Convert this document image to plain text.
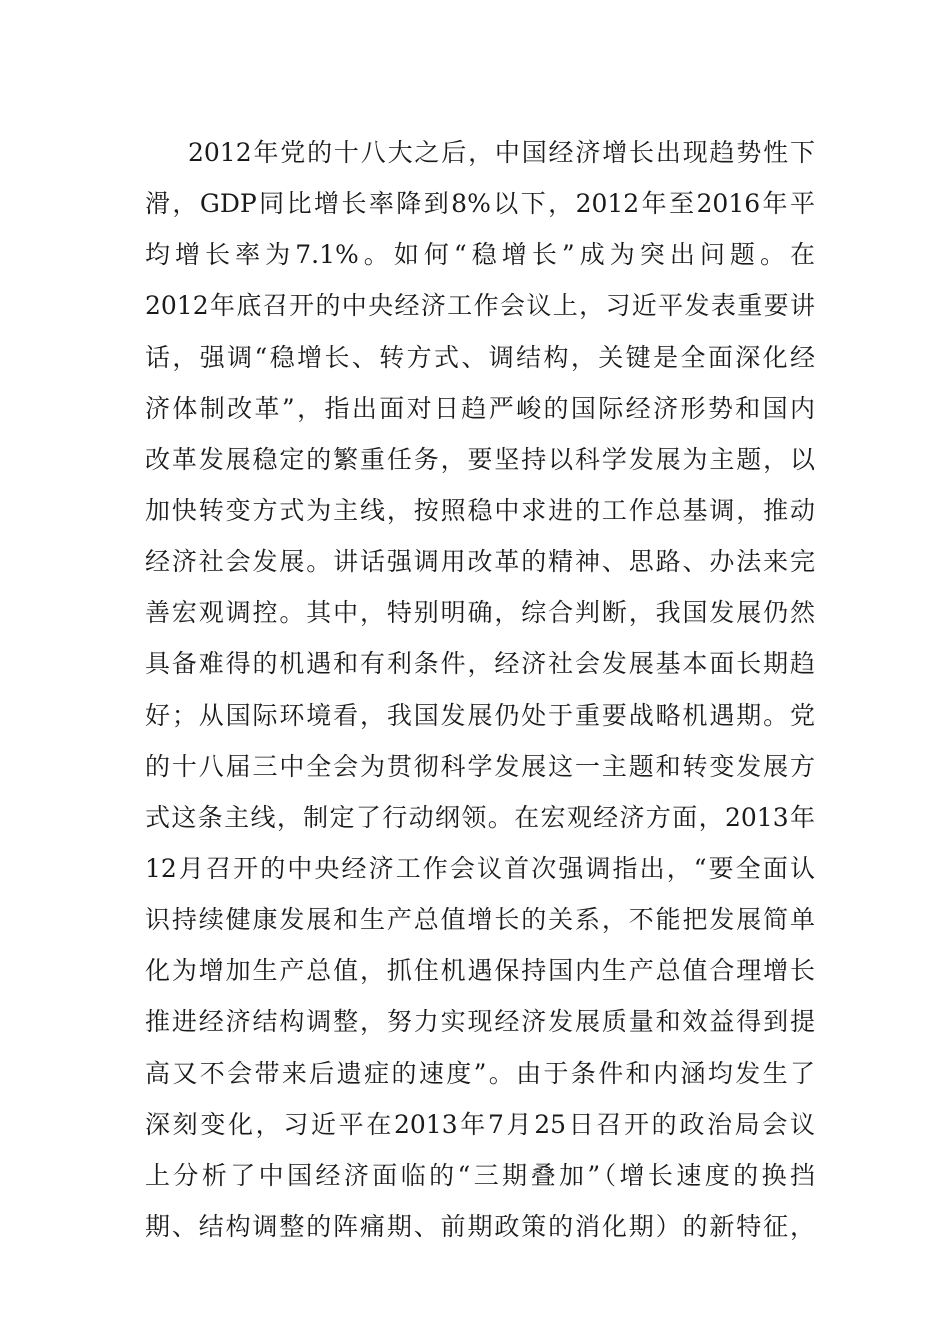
2012年党的十八大之后，中国经济增长出现趋势性下
滑，GDP同比增长率降到8%以下，2012年至2016年平
均增长率为7.1%。如何“稳增长”成为突出问题。在
2012年底召开的中央经济工作会议上，习近平发表重要讲
话，强调“稳增长、转方式、调结构，关键是全面深化经
济体制改革”，指出面对日趋严峻的国际经济形势和国内
改革发展稳定的繁重任务，要坚持以科学发展为主题，以
加快转变方式为主线，按照稳中求进的工作总基调，推动
经济社会发展。讲话强调用改革的精神、思路、办法来完
善宏观调控。其中，特别明确，综合判断，我国发展仍然
具备难得的机遇和有利条件，经济社会发展基本面长期趋
好；从国际环境看，我国发展仍处于重要战略机遇期。党
的十八届三中全会为贯彻科学发展这一主题和转变发展方
式这条主线，制定了行动纲领。在宏观经济方面，2013年
12月召开的中央经济工作会议首次强调指出，“要全面认
识持续健康发展和生产总值增长的关系，不能把发展简单
化为增加生产总值，抓住机遇保持国内生产总值合理增长
推进经济结构调整，努力实现经济发展质量和效益得到提
高又不会带来后遗症的速度”。由于条件和内涵均发生了
深刻变化，习近平在2013年7月25日召开的政治局会议
上分析了中国经济面临的“三期叠加”（增长速度的换挡
期、结构调整的阵痛期、前期政策的消化期）的新特征，
